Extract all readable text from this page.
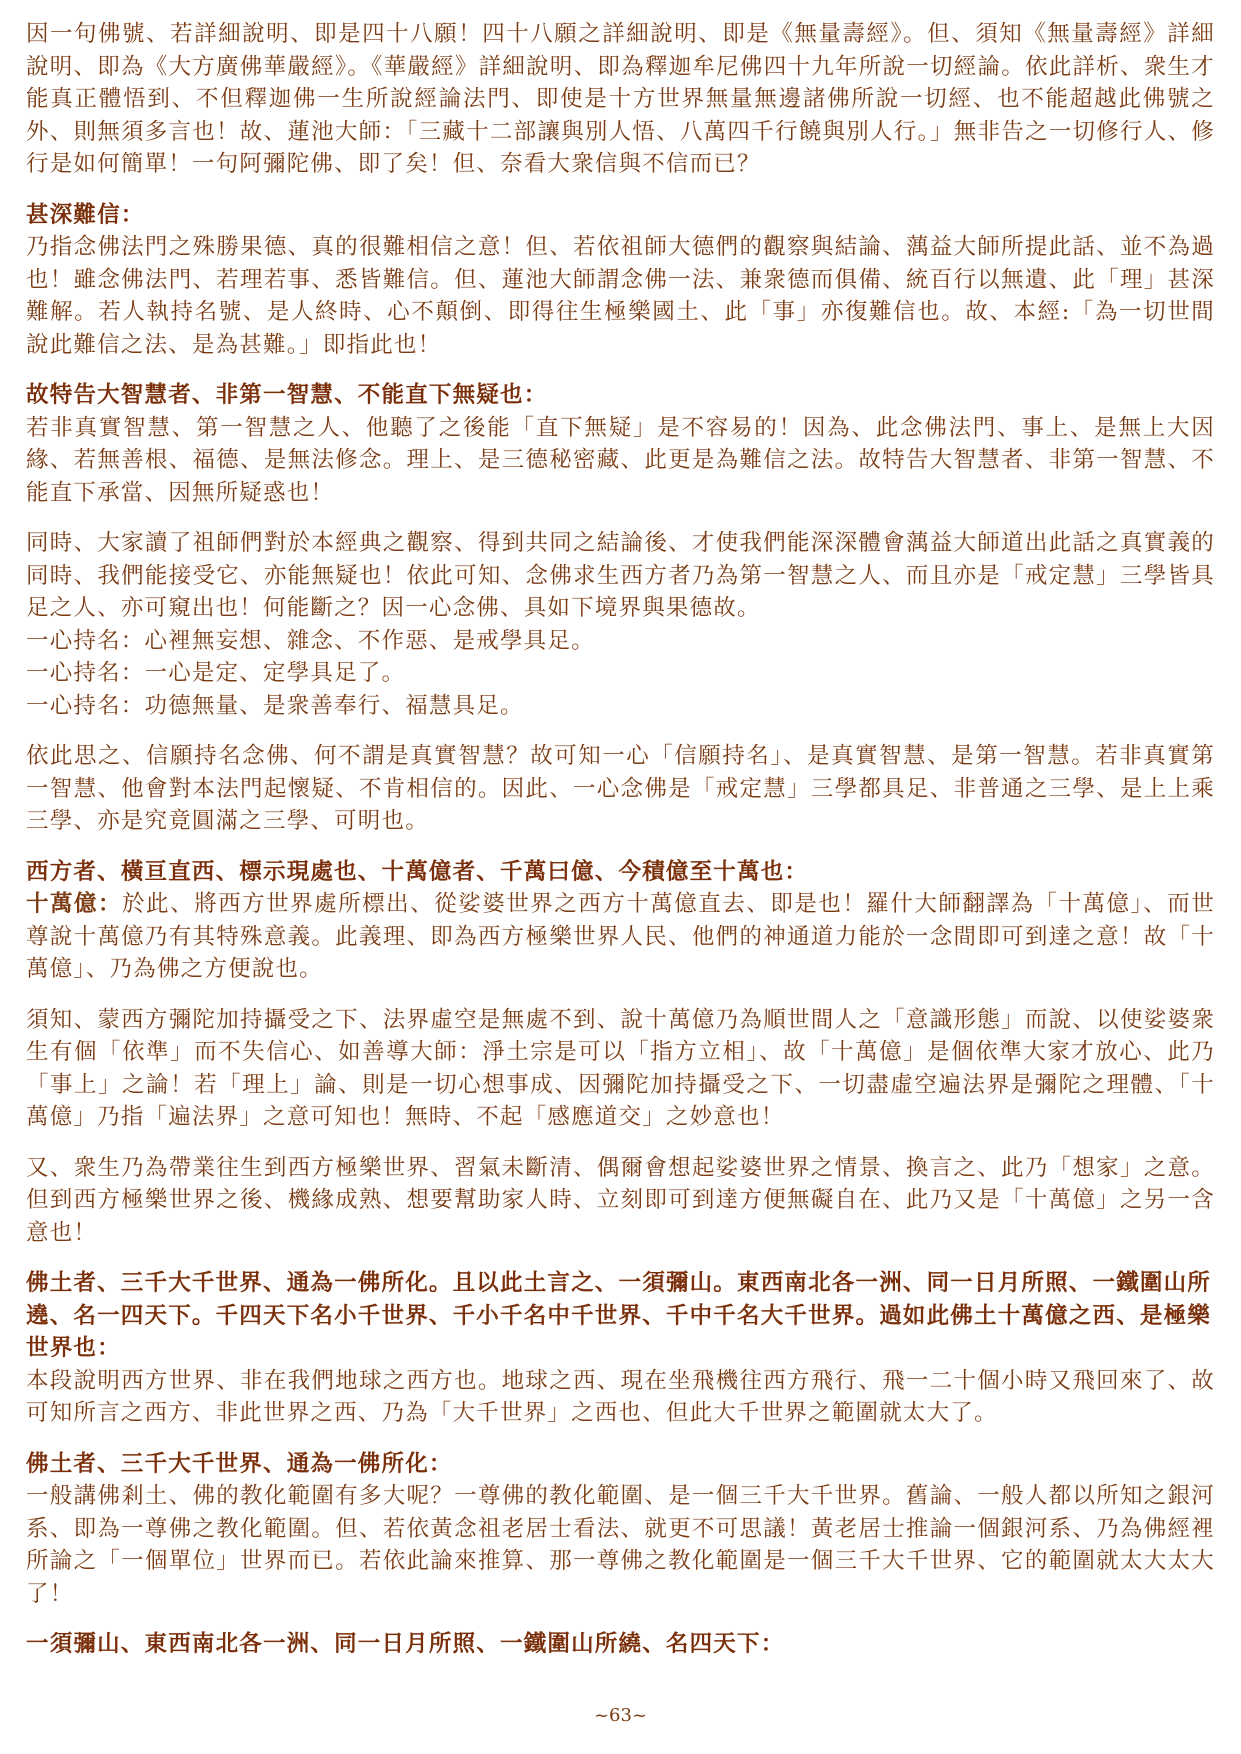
因一句佛號、若詳細說明、即是四十八願！四十八願之詳細說明、即是《無量壽經》。但、須知《無量壽經》詳細說明、即為《大方廣佛華嚴經》。《華嚴經》詳細說明、即為釋迦牟尼佛四十九年所說一切經論。依此詳析、衆生才能真正體悟到、不但釋迦佛一生所說經論法門、即使是十方世界無量無邊諸佛所說一切經、也不能超越此佛號之外、則無須多言也！故、蓮池大師：「三藏十二部讓與別人悟、八萬四千行饒與別人行。」無非告之一切修行人、修行是如何簡單！一句阿彌陀佛、即了矣！但、奈看大衆信與不信而已？

甚深難信：

乃指念佛法門之殊勝果德、真的很難相信之意！但、若依祖師大德們的觀察與結論、蕅益大師所提此話、並不為過也！雖念佛法門、若理若事、悉皆難信。但、蓮池大師謂念佛一法、兼衆德而俱備、統百行以無遺、此「理」甚深難解。若人執持名號、是人終時、心不顛倒、即得往生極樂國土、此「事」亦復難信也。故、本經:「為一切世間說此難信之法、是為甚難。」即指此也！

故特告大智慧者、非第一智慧、不能直下無疑也：

若非真實智慧、第一智慧之人、他聽了之後能「直下無疑」是不容易的！因為、此念佛法門、事上、是無上大因緣、若無善根、福德、是無法修念。理上、是三德秘密藏、此更是為難信之法。故特告大智慧者、非第一智慧、不能直下承當、因無所疑惑也！

同時、大家讀了祖師們對於本經典之觀察、得到共同之結論後、才使我們能深深體會蕅益大師道出此話之真實義的同時、我們能接受它、亦能無疑也！依此可知、念佛求生西方者乃為第一智慧之人、而且亦是「戒定慧」三學皆具足之人、亦可窺出也！何能斷之？因一心念佛、具如下境界與果德故。

一心持名：心裡無妄想、雜念、不作惡、是戒學具足。

一心持名：一心是定、定學具足了。

一心持名：功德無量、是衆善奉行、福慧具足。

依此思之、信願持名念佛、何不謂是真實智慧？故可知一心「信願持名」、是真實智慧、是第一智慧。若非真實第一智慧、他會對本法門起懷疑、不肯相信的。因此、一心念佛是「戒定慧」三學都具足、非普通之三學、是上上乘三學、亦是究竟圓滿之三學、可明也。

西方者、橫亘直西、標示現處也、十萬億者、千萬曰億、今積億至十萬也：

十萬億：於此、將西方世界處所標出、從娑婆世界之西方十萬億直去、即是也！羅什大師翻譯為「十萬億」、而世尊說十萬億乃有其特殊意義。此義理、即為西方極樂世界人民、他們的神通道力能於一念間即可到達之意！故「十萬億」、乃為佛之方便說也。

須知、蒙西方彌陀加持攝受之下、法界虛空是無處不到、說十萬億乃為順世間人之「意識形態」而說、以使娑婆衆生有個「依準」而不失信心、如善導大師：淨土宗是可以「指方立相」、故「十萬億」是個依準大家才放心、此乃「事上」之論！若「理上」論、則是一切心想事成、因彌陀加持攝受之下、一切盡虛空遍法界是彌陀之理體、「十萬億」乃指「遍法界」之意可知也！無時、不起「感應道交」之妙意也！

又、衆生乃為帶業往生到西方極樂世界、習氣未斷清、偶爾會想起娑婆世界之情景、換言之、此乃「想家」之意。但到西方極樂世界之後、機緣成熟、想要幫助家人時、立刻即可到達方便無礙自在、此乃又是「十萬億」之另一含意也！

佛土者、三千大千世界、通為一佛所化。且以此土言之、一須彌山。東西南北各一洲、同一日月所照、一鐵圍山所遶、名一四天下。千四天下名小千世界、千小千名中千世界、千中千名大千世界。過如此佛土十萬億之西、是極樂世界也：

本段說明西方世界、非在我們地球之西方也。地球之西、現在坐飛機往西方飛行、飛一二十個小時又飛回來了、故可知所言之西方、非此世界之西、乃為「大千世界」之西也、但此大千世界之範圍就太大了。

佛土者、三千大千世界、通為一佛所化：

一般講佛剎土、佛的教化範圍有多大呢？一尊佛的教化範圍、是一個三千大千世界。舊論、一般人都以所知之銀河系、即為一尊佛之教化範圍。但、若依黃念祖老居士看法、就更不可思議！黃老居士推論一個銀河系、乃為佛經裡所論之「一個單位」世界而已。若依此論來推算、那一尊佛之教化範圍是一個三千大千世界、它的範圍就太大太大了！

一須彌山、東西南北各一洲、同一日月所照、一鐵圍山所繞、名四天下：

~63~
